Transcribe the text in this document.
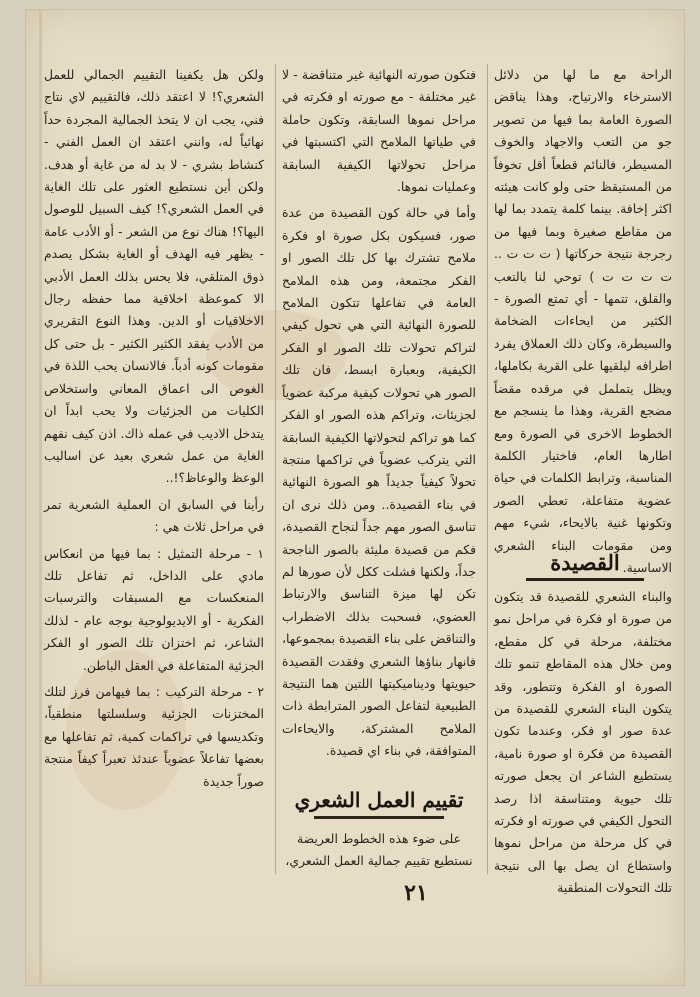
الراحة مع ما لها من دلائل الاسترخاء والارتياح، وهذا يناقض الصورة العامة بما فيها من تصوير جو من التعب والاجهاد والخوف المسيطر، فالنائم قطعاً أقل تخوفاً من المستيقظ حتى ولو كانت هيئته اكثر إخافة. بينما كلمة يتمدد بما لها من مقاطع صغيرة وبما فيها من رجرجة نتيجة حركاتها ( ت ت ت .. ت ت ت ت ) توحي لنا بالتعب والقلق، تتمها - أي تمتع الصورة - الكثير من ايحاءات الضخامة والسيطرة، وكان ذلك العملاق يفرد اطرافه ليلقيها على القرية بكاملها، ويظل يتململ في مرقده مقضاً مضجع القرية، وهذا ما ينسجم مع الخطوط الاخرى في الصورة ومع اطارها العام، فاختيار الكلمة المناسبة، وترابط الكلمات في حياة عضوية متفاعلة، تعطي الصور وتكونها غنية بالايحاء، شيء مهم ومن مقومات البناء الشعري الاساسية.

القصيدة

والبناء الشعري للقصيدة قد يتكون من صورة او فكرة في مراحل نمو مختلفة، مرحلة في كل مقطع، ومن خلال هذه المقاطع تنمو تلك الصورة او الفكرة وتتطور، وقد يتكون البناء الشعري للقصيدة من عدة صور او فكر، وعندما تكون القصيدة من فكرة او صورة نامية، يستطيع الشاعر ان يجعل صورته تلك حيوية ومتناسقة اذا رصد التحول الكيفي في صورته او فكرته في كل مرحلة من مراحل نموها واستطاع ان يصل بها الى نتيجة تلك التحولات المنطقية

فتكون صورته النهائية غير متناقضة - لا غير مختلفة - مع صورته او فكرته في مراحل نموها السابقة، وتكون حاملة في طياتها الملامح التي اكتسبتها في مراحل تحولاتها الكيفية السابقة وعمليات نموها.

وأما في حالة كون القصيدة من عدة صور، فسيكون بكل صورة او فكرة ملامح تشترك بها كل تلك الصور او الفكر مجتمعة، ومن هذه الملامح العامة في تفاعلها تتكون الملامح للصورة النهائية التي هي تحول كيفي لتراكم تحولات تلك الصور او الفكر الكيفية، وبعبارة ابسط، فان تلك الصور هي تحولات كيفية مركبة عضوياً لجزيئات، وتراكم هذه الصور او الفكر كما هو تراكم لتحولاتها الكيفية السابقة التي يتركب عضوياً في تراكمها منتجة تحولاً كيفياً جديداً هو الصورة النهائية في بناء القصيدة.. ومن ذلك نرى ان تناسق الصور مهم جداً لنجاح القصيدة، فكم من قصيدة مليئة بالصور الناجحة جداً، ولكنها فشلت ككل لأن صورها لم تكن لها ميزة التناسق والارتباط العضوي، فسحبت بذلك الاضطراب والتناقض على بناء القصيدة بمجموعها، فانهار بناؤها الشعري وفقدت القصيدة حيويتها وديناميكيتها اللتين هما النتيجة الطبيعية لتفاعل الصور المترابطة ذات الملامح المشتركة، والايحاءات المتوافقة، في بناء اي قصيدة.

تقييم العمل الشعري
على ضوء هذه الخطوط العريضة نستطيع تقييم جمالية العمل الشعري،

ولكن هل يكفينا التقييم الجمالي للعمل الشعري؟! لا اعتقد ذلك، فالتقييم لاي نتاج فني، يجب ان لا يتخذ الجمالية المجردة حداً نهائياً له، وانني اعتقد ان العمل الفني - كنشاط بشري - لا بد له من غاية أو هدف. ولكن أين نستطيع العثور على تلك الغاية في العمل الشعري؟! كيف السبيل للوصول اليها؟! هناك نوع من الشعر - أو الأدب عامة - يظهر فيه الهدف أو الغاية بشكل يصدم ذوق المتلقي، فلا يحس بذلك العمل الأدبي الا كموعظة اخلاقية مما حفظه رجال الاخلاقيات أو الدين. وهذا النوع التقريري من الأدب يفقد الكثير الكثير - بل حتى كل مقومات كونه أدباً. فالانسان يحب اللذة في الغوص الى اعماق المعاني واستخلاص الكليات من الجزئيات ولا يحب ابداً ان يتدخل الاديب في عمله ذاك. اذن كيف نفهم الغاية من عمل شعري بعيد عن اساليب الوعظ والوعاظ؟!..

رأينا في السابق ان العملية الشعرية تمر في مراحل ثلاث هي :

١ - مرحلة التمثيل : بما فيها من انعكاس مادي على الداخل، ثم تفاعل تلك المنعكسات مع المسبقات والترسبات الفكرية - أو الايديولوجية بوجه عام - لذلك الشاعر، ثم اختزان تلك الصور او الفكر الجزئية المتفاعلة في العقل الباطن.

٢ - مرحلة التركيب : بما فيهامن فرز لتلك المختزنات الجزئية وسلسلتها منطقياً، وتكديسها في تراكمات كمية، ثم تفاعلها مع بعضها تفاعلاً عضوياً عندئذ تعبراً كيفاً منتجة صوراً جديدة

٢١
